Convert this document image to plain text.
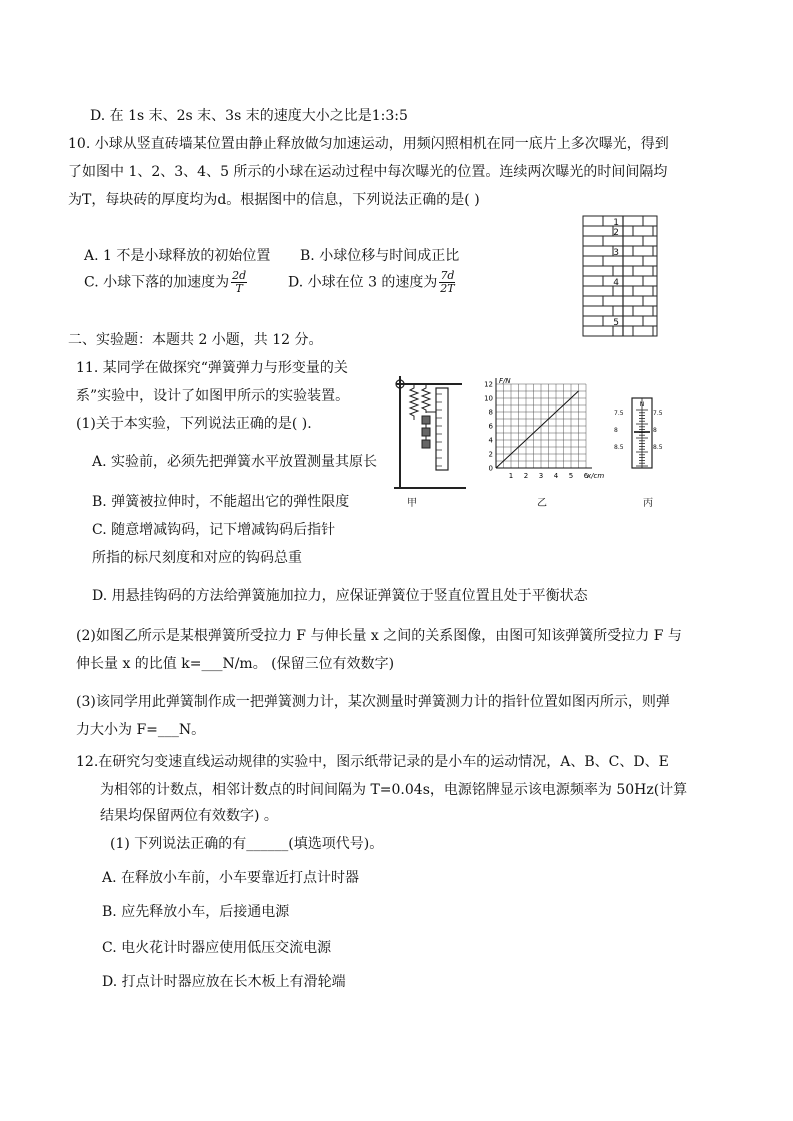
D. 在 1s 末、2s 末、3s 末的速度大小之比是1:3:5
10. 小球从竖直砖墙某位置由静止释放做匀加速运动，用频闪照相机在同一底片上多次曝光，得到
了如图中 1、2、3、4、5 所示的小球在运动过程中每次曝光的位置。连续两次曝光的时间间隔均
为T，每块砖的厚度均为d。根据图中的信息，下列说法正确的是( )
A. 1 不是小球释放的初始位置 B. 小球位移与时间成正比
C. 小球下落的加速度为 $\frac{2d}{T}$	D. 小球在位 3 的速度为 $\frac{7d}{2T}$
1
2
3
4
5
二、实验题：本题共 2 小题，共 12 分。
11. 某同学在做探究“弹簧弹力与形变量的关
系”实验中，设计了如图甲所示的实验装置。
(1)关于本实验，下列说法正确的是( ).
A. 实验前，必须先把弹簧水平放置测量其原长
B. 弹簧被拉伸时，不能超出它的弹性限度
C. 随意增减钩码，记下增减钩码后指针
所指的标尺刻度和对应的钩码总重
D. 用悬挂钩码的方法给弹簧施加拉力，应保证弹簧位于竖直位置且处于平衡状态
(2)如图乙所示是某根弹簧所受拉力 F 与伸长量 x 之间的关系图像，由图可知该弹簧所受拉力 F 与
伸长量 x 的比值 k=___N/m。 (保留三位有效数字)
(3)该同学用此弹簧制作成一把弹簧测力计，某次测量时弹簧测力计的指针位置如图丙所示，则弹
力大小为 F=___N。
甲
F/N
x/cm
1 2 3 4 5 6
0
2
4
6
8
10
12
乙
N
7.5	7.5
8	8
8.5	8.5
丙
12.在研究匀变速直线运动规律的实验中，图示纸带记录的是小车的运动情况，A、B、C、D、E
为相邻的计数点，相邻计数点的时间间隔为 T=0.04s，电源铭牌显示该电源频率为 50Hz(计算
结果均保留两位有效数字) 。
(1) 下列说法正确的有______(填选项代号)。
A. 在释放小车前，小车要靠近打点计时器
B. 应先释放小车，后接通电源
C. 电火花计时器应使用低压交流电源
D. 打点计时器应放在长木板上有滑轮端
